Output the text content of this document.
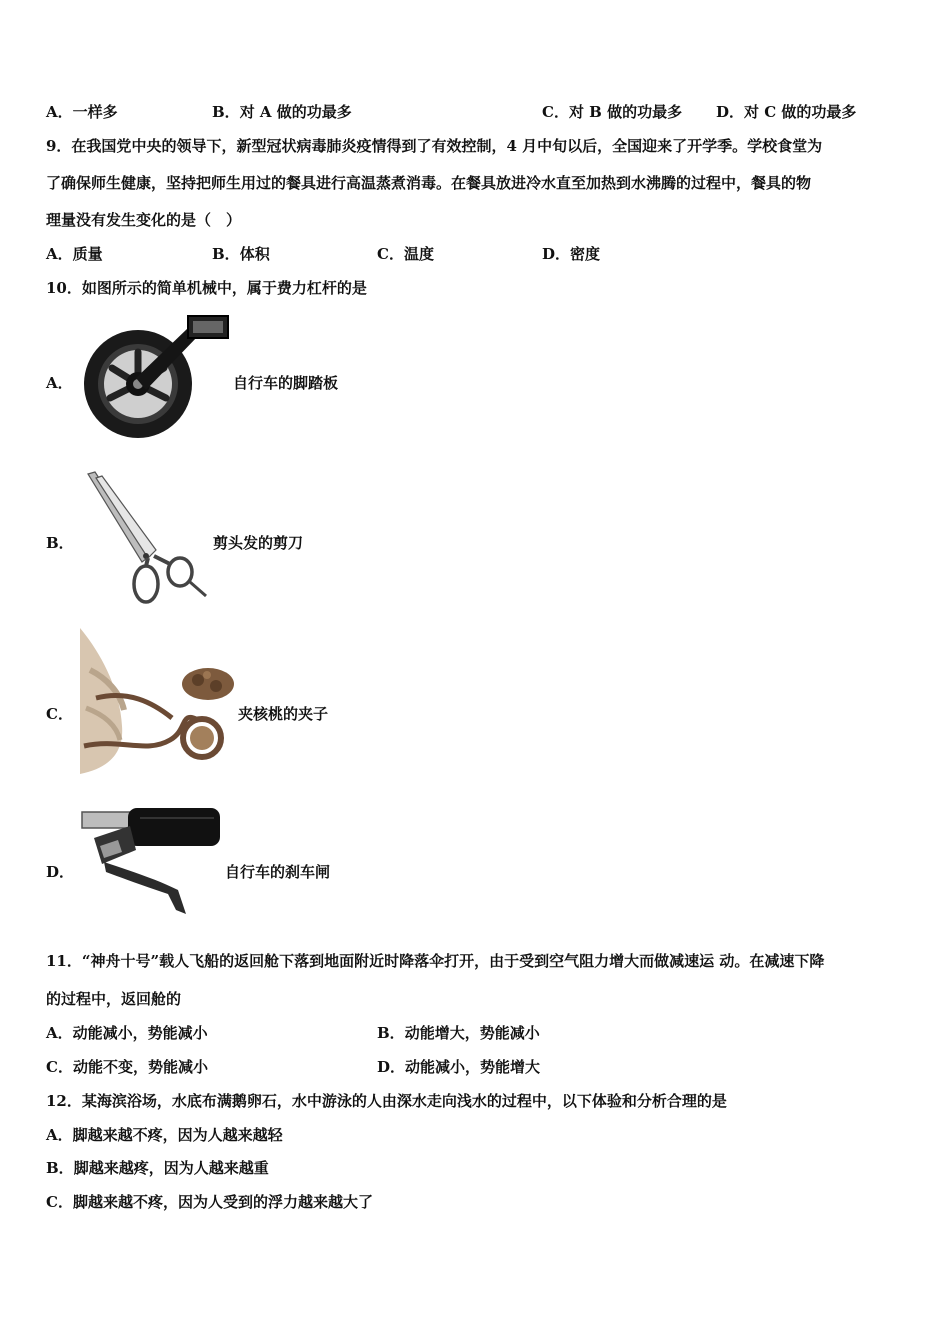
A．一样多	B．对 A 做的功最多	C．对 B 做的功最多 D．对 C 做的功最多
9．在我国党中央的领导下，新型冠状病毒肺炎疫情得到了有效控制，4 月中旬以后，全国迎来了开学季。学校食堂为
了确保师生健康，坚持把师生用过的餐具进行高温蒸煮消毒。在餐具放进冷水直至加热到水沸腾的过程中，餐具的物
理量没有发生变化的是（　）
A．质量	B．体积	C．温度	D．密度
10．如图所示的简单机械中，属于费力杠杆的是
A．	自行车的脚踏板
B．	剪头发的剪刀
C．	夹核桃的夹子
D．	自行车的刹车闸
11．“神舟十号”载人飞船的返回舱下落到地面附近时降落伞打开，由于受到空气阻力增大而做减速运 动。在减速下降
的过程中，返回舱的
A．动能减小，势能减小	B．动能增大，势能减小
C．动能不变，势能减小	D．动能减小，势能增大
12．某海滨浴场，水底布满鹅卵石，水中游泳的人由深水走向浅水的过程中，以下体验和分析合理的是
A．脚越来越不疼，因为人越来越轻
B．脚越来越疼，因为人越来越重
C．脚越来越不疼，因为人受到的浮力越来越大了
